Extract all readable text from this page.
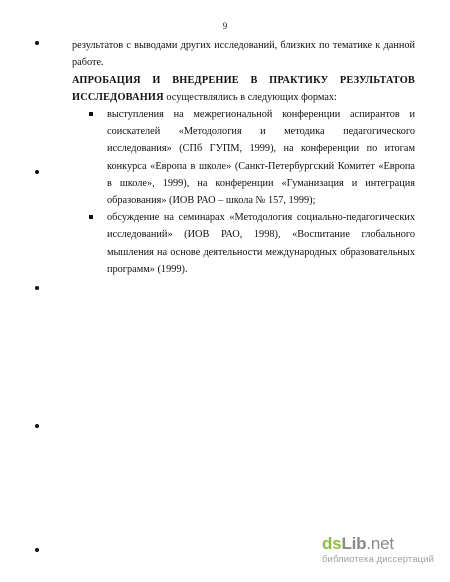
9
результатов с выводами других исследований, близких по тематике к данной работе.
АПРОБАЦИЯ И ВНЕДРЕНИЕ В ПРАКТИКУ РЕЗУЛЬТАТОВ ИССЛЕДОВАНИЯ осуществлялись в следующих формах:
выступления на межрегиональной конференции аспирантов и соискателей «Методология и методика педагогического исследования» (СПб ГУПМ, 1999), на конференции по итогам конкурса «Европа в школе» (Санкт-Петербургский Комитет «Европа в школе», 1999), на конференции «Гуманизация и интеграция образования» (ИОВ РАО – школа № 157, 1999);
обсуждение на семинарах «Методология социально-педагогических исследований» (ИОВ РАО, 1998), «Воспитание глобального мышления на основе деятельности международных образовательных программ» (1999).
dsLib.net
библиотека диссертаций
